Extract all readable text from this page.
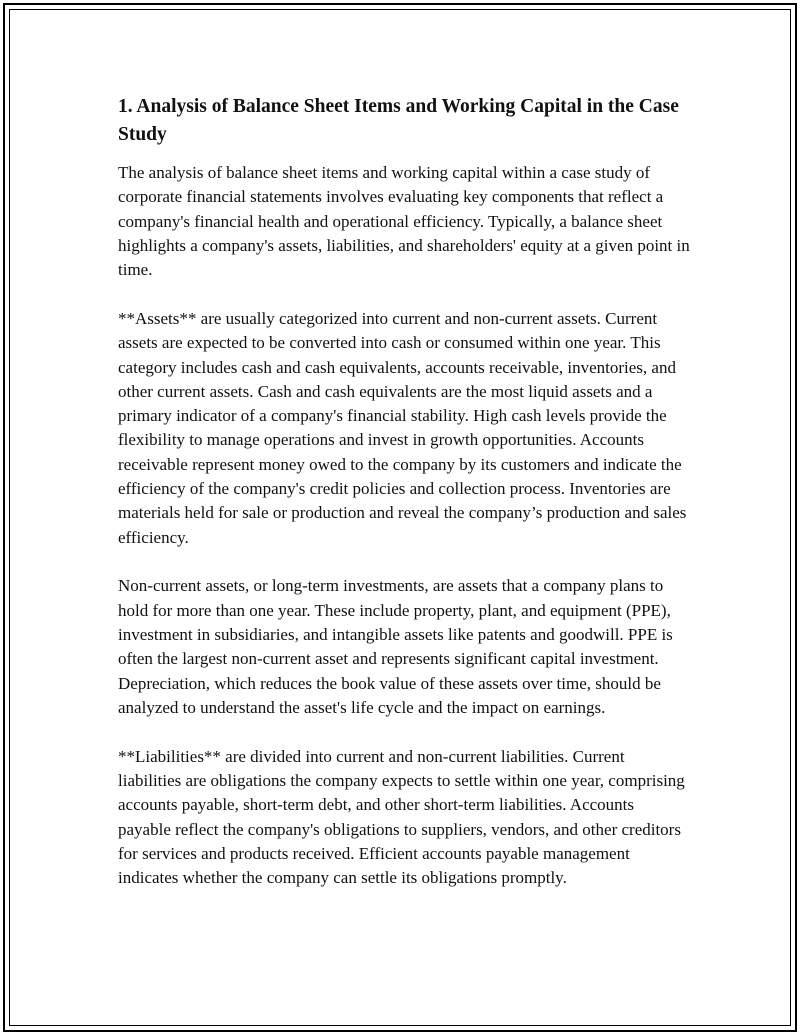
1. Analysis of Balance Sheet Items and Working Capital in the Case Study

The analysis of balance sheet items and working capital within a case study of corporate financial statements involves evaluating key components that reflect a company's financial health and operational efficiency. Typically, a balance sheet highlights a company's assets, liabilities, and shareholders' equity at a given point in time.

**Assets** are usually categorized into current and non-current assets. Current assets are expected to be converted into cash or consumed within one year. This category includes cash and cash equivalents, accounts receivable, inventories, and other current assets. Cash and cash equivalents are the most liquid assets and a primary indicator of a company's financial stability. High cash levels provide the flexibility to manage operations and invest in growth opportunities. Accounts receivable represent money owed to the company by its customers and indicate the efficiency of the company's credit policies and collection process. Inventories are materials held for sale or production and reveal the company’s production and sales efficiency.

Non-current assets, or long-term investments, are assets that a company plans to hold for more than one year. These include property, plant, and equipment (PPE), investment in subsidiaries, and intangible assets like patents and goodwill. PPE is often the largest non-current asset and represents significant capital investment. Depreciation, which reduces the book value of these assets over time, should be analyzed to understand the asset's life cycle and the impact on earnings.

**Liabilities** are divided into current and non-current liabilities. Current liabilities are obligations the company expects to settle within one year, comprising accounts payable, short-term debt, and other short-term liabilities. Accounts payable reflect the company's obligations to suppliers, vendors, and other creditors for services and products received. Efficient accounts payable management indicates whether the company can settle its obligations promptly.
